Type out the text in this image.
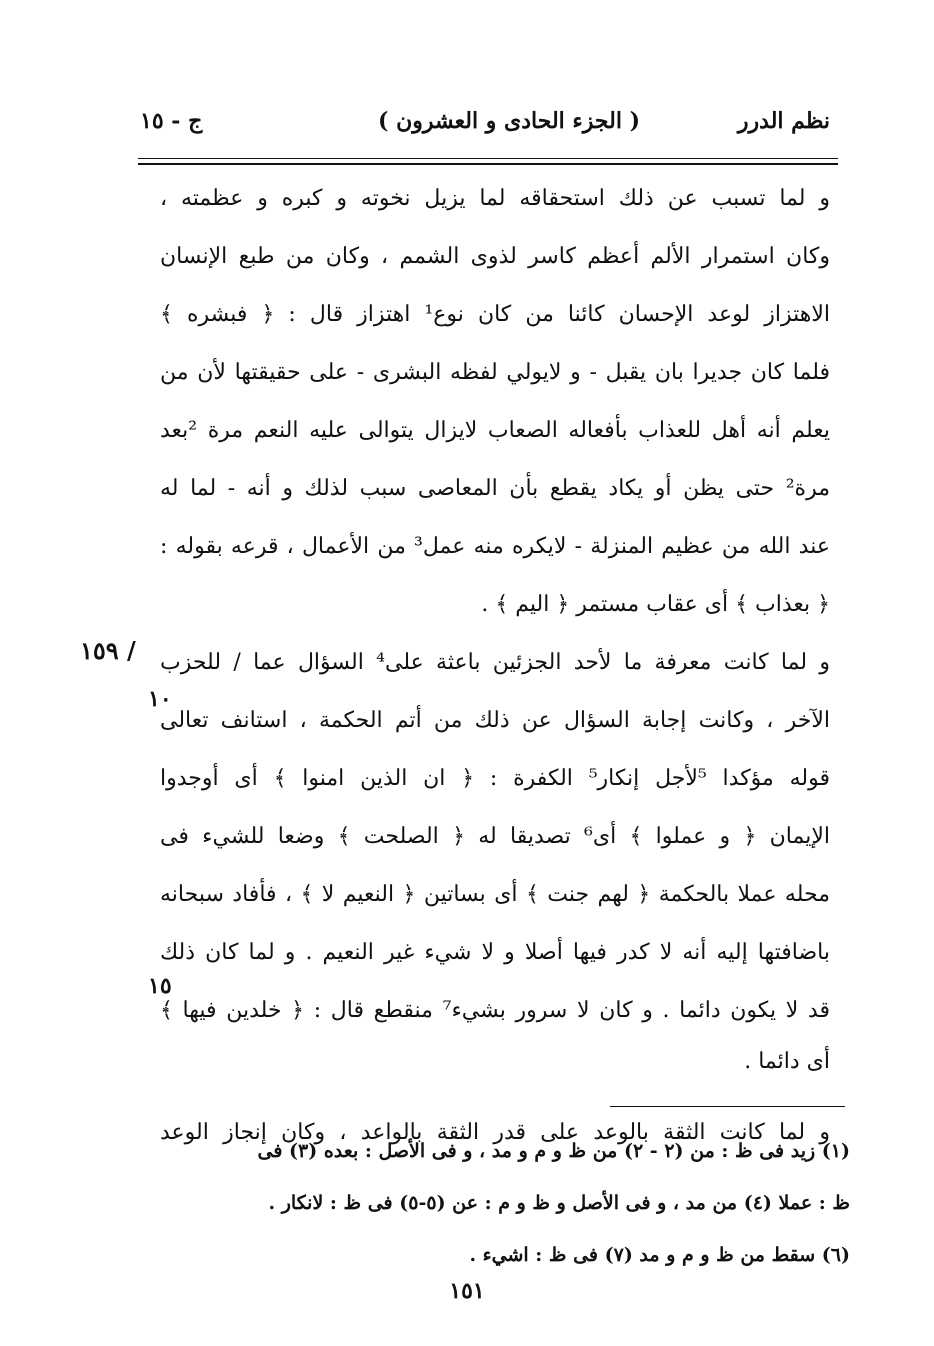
نظم الدرر
( الجزء الحادى و العشرون )
ج - ١٥
و لما تسبب عن ذلك استحقاقه لما يزيل نخوته و كبره و عظمته ،
وكان استمرار الألم أعظم كاسر لذوى الشمم ، وكان من طبع الإنسان
الاهتزاز لوعد الإحسان كائنا من كان نوع¹ اهتزاز قال : ﴿ فبشره ﴾
فلما كان جديرا بان يقبل - و لايولي لفظه البشرى - على حقيقتها لأن من
يعلم أنه أهل للعذاب بأفعاله الصعاب لايزال يتوالى عليه النعم مرة ²بعد
مرة² حتى يظن أو يكاد يقطع بأن المعاصى سبب لذلك و أنه - لما له
عند الله من عظيم المنزلة - لايكره منه عمل³ من الأعمال ، قرعه بقوله :
﴿ بعذاب ﴾ أى عقاب مستمر ﴿ اليم ﴾ .
و لما كانت معرفة ما لأحد الجزئين باعثة على⁴ السؤال عما / للحزب
الآخر ، وكانت إجابة السؤال عن ذلك من أتم الحكمة ، استانف تعالى
قوله مؤكدا ⁵لأجل إنكار⁵ الكفرة : ﴿ ان الذين امنوا ﴾ أى أوجدوا
الإيمان ﴿ و عملوا ﴾ أى⁶ تصديقا له ﴿ الصلحت ﴾ وضعا للشيء فى
محله عملا بالحكمة ﴿ لهم جنت ﴾ أى بساتين ﴿ النعيم لا ﴾ ، فأفاد سبحانه
باضافتها إليه أنه لا كدر فيها أصلا و لا شيء غير النعيم . و لما كان ذلك
قد لا يكون دائما . و كان لا سرور بشيء⁷ منقطع قال : ﴿ خلدين فيها ﴾
أى دائما .
و لما كانت الثقة بالوعد على قدر الثقة بالواعد ، وكان إنجاز الوعد
١٥٩ /
١٠
١٥
(١) زيد فى ظ : من (٢ - ٢) من ظ و م و مد ، و فى الأصل : بعده (٣) فى
ظ : عملا (٤) من مد ، و فى الأصل و ظ و م : عن (٥-٥) فى ظ : لانكار .
(٦) سقط من ظ و م و مد (٧) فى ظ : اشيء .
١٥١
